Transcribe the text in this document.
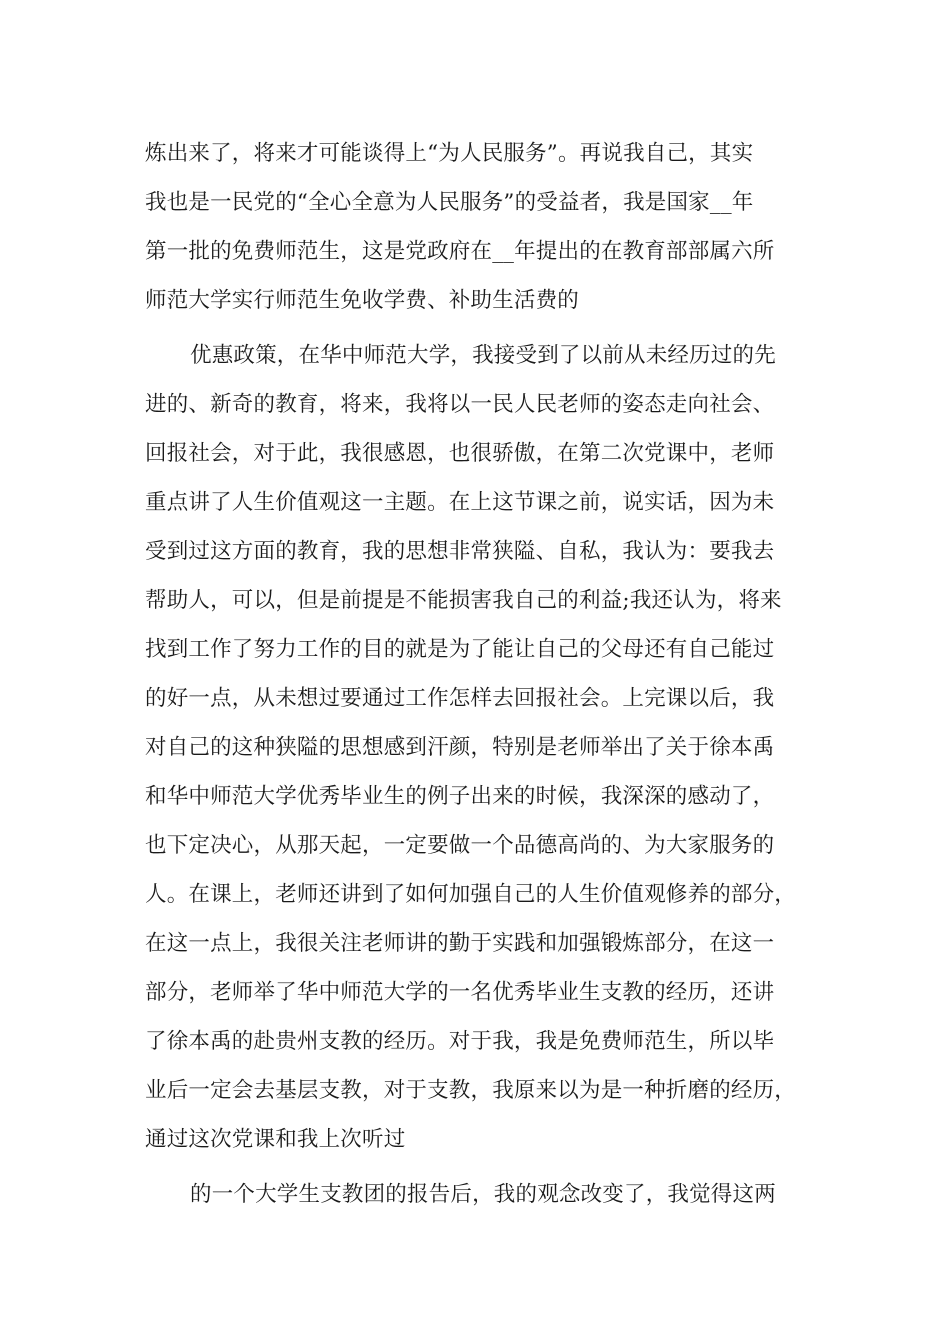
炼出来了，将来才可能谈得上“为人民服务”。再说我自己，其实
我也是一民党的“全心全意为人民服务”的受益者，我是国家__年
第一批的免费师范生，这是党政府在__年提出的在教育部部属六所
师范大学实行师范生免收学费、补助生活费的
优惠政策，在华中师范大学，我接受到了以前从未经历过的先
进的、新奇的教育，将来，我将以一民人民老师的姿态走向社会、
回报社会，对于此，我很感恩，也很骄傲，在第二次党课中，老师
重点讲了人生价值观这一主题。在上这节课之前，说实话，因为未
受到过这方面的教育，我的思想非常狭隘、自私，我认为：要我去
帮助人，可以，但是前提是不能损害我自己的利益;我还认为，将来
找到工作了努力工作的目的就是为了能让自己的父母还有自己能过
的好一点，从未想过要通过工作怎样去回报社会。上完课以后，我
对自己的这种狭隘的思想感到汗颜，特别是老师举出了关于徐本禹
和华中师范大学优秀毕业生的例子出来的时候，我深深的感动了，
也下定决心，从那天起，一定要做一个品德高尚的、为大家服务的
人。在课上，老师还讲到了如何加强自己的人生价值观修养的部分，
在这一点上，我很关注老师讲的勤于实践和加强锻炼部分，在这一
部分，老师举了华中师范大学的一名优秀毕业生支教的经历，还讲
了徐本禹的赴贵州支教的经历。对于我，我是免费师范生，所以毕
业后一定会去基层支教，对于支教，我原来以为是一种折磨的经历，
通过这次党课和我上次听过
的一个大学生支教团的报告后，我的观念改变了，我觉得这两
